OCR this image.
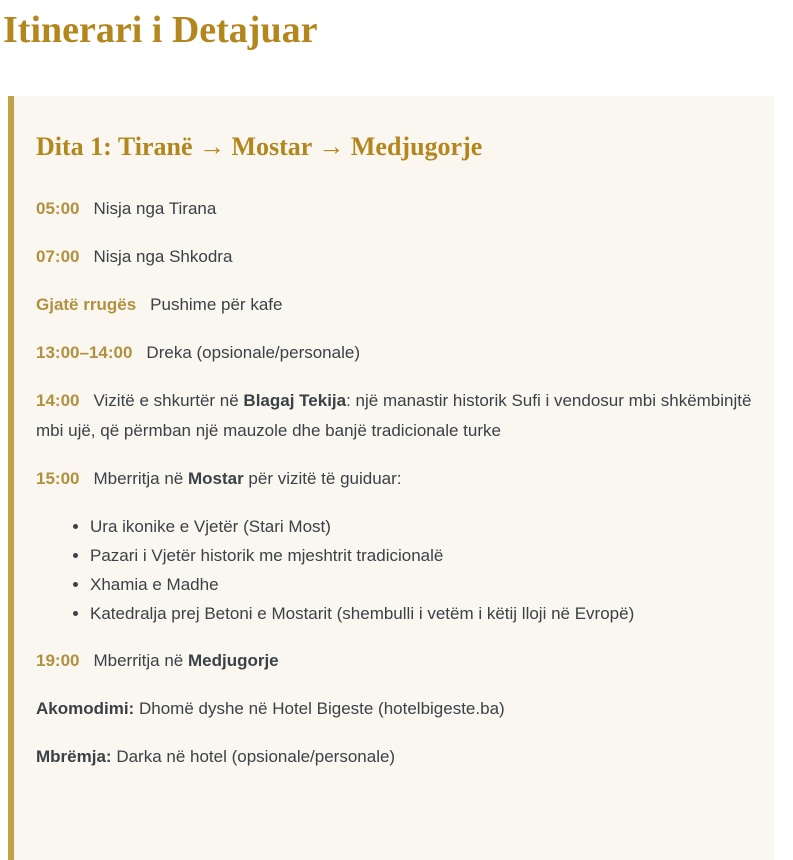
Itinerari i Detajuar
Dita 1: Tiranë → Mostar → Medjugorje

05:00 Nisja nga Tirana

07:00 Nisja nga Shkodra

Gjatë rrugës Pushime për kafe

13:00–14:00 Dreka (opsionale/personale)

14:00 Vizitë e shkurtër në Blagaj Tekija: një manastir historik Sufi i vendosur mbi shkëmbinjtë mbi ujë, që përmban një mauzole dhe banjë tradicionale turke

15:00 Mberritja në Mostar për vizitë të guiduar:

• Ura ikonike e Vjetër (Stari Most)
• Pazari i Vjetër historik me mjeshtrit tradicionalë
• Xhamia e Madhe
• Katedralja prej Betoni e Mostarit (shembulli i vetëm i këtij lloji në Evropë)

19:00 Mberritja në Medjugorje

Akomodimi: Dhomë dyshe në Hotel Bigeste (hotelbigeste.ba)

Mbrëmja: Darka në hotel (opsionale/personale)
